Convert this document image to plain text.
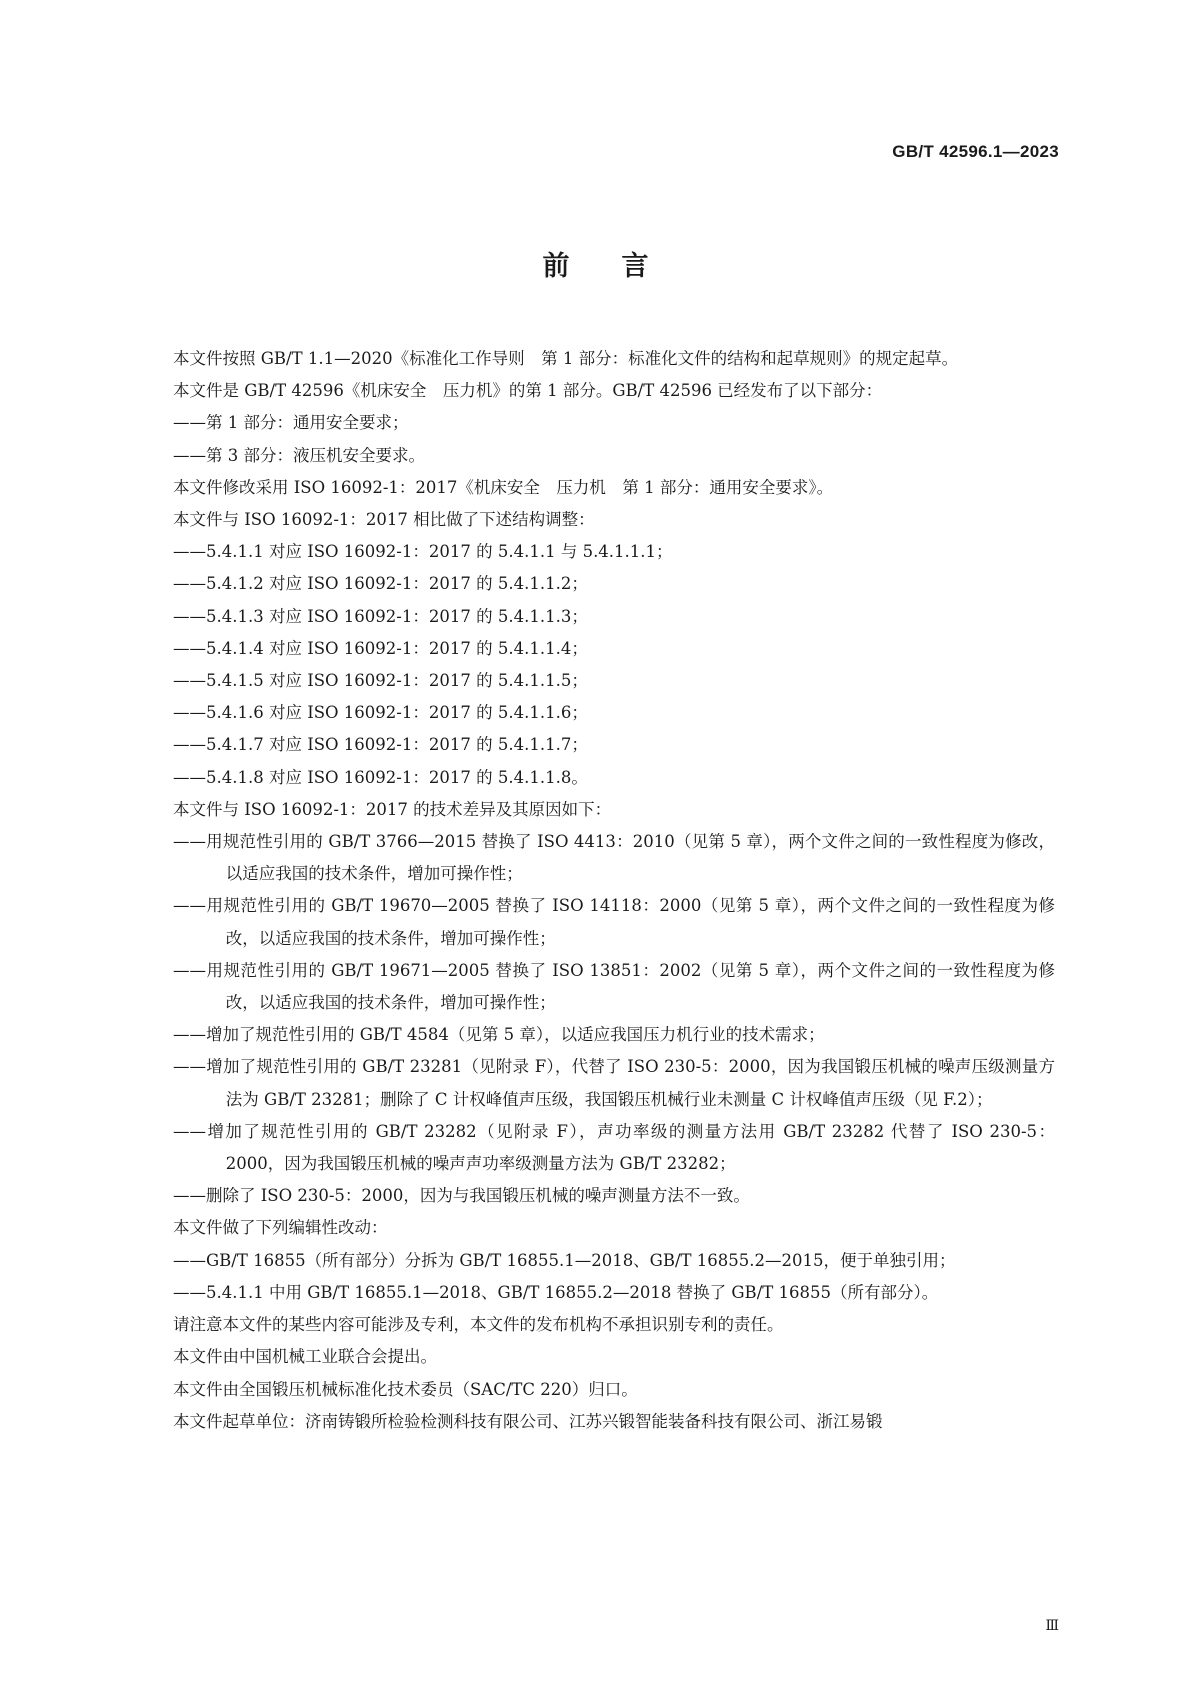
GB/T 42596.1—2023
前言

本文件按照 GB/T 1.1—2020《标准化工作导则　第 1 部分：标准化文件的结构和起草规则》的规定起草。

本文件是 GB/T 42596《机床安全　压力机》的第 1 部分。GB/T 42596 已经发布了以下部分：

——第 1 部分：通用安全要求；

——第 3 部分：液压机安全要求。

本文件修改采用 ISO 16092-1：2017《机床安全　压力机　第 1 部分：通用安全要求》。

本文件与 ISO 16092-1：2017 相比做了下述结构调整：

——5.4.1.1 对应 ISO 16092-1：2017 的 5.4.1.1 与 5.4.1.1.1；

——5.4.1.2 对应 ISO 16092-1：2017 的 5.4.1.1.2；

——5.4.1.3 对应 ISO 16092-1：2017 的 5.4.1.1.3；

——5.4.1.4 对应 ISO 16092-1：2017 的 5.4.1.1.4；

——5.4.1.5 对应 ISO 16092-1：2017 的 5.4.1.1.5；

——5.4.1.6 对应 ISO 16092-1：2017 的 5.4.1.1.6；

——5.4.1.7 对应 ISO 16092-1：2017 的 5.4.1.1.7；

——5.4.1.8 对应 ISO 16092-1：2017 的 5.4.1.1.8。

本文件与 ISO 16092-1：2017 的技术差异及其原因如下：

——用规范性引用的 GB/T 3766—2015 替换了 ISO 4413：2010（见第 5 章），两个文件之间的一致性程度为修改，以适应我国的技术条件，增加可操作性；

——用规范性引用的 GB/T 19670—2005 替换了 ISO 14118：2000（见第 5 章），两个文件之间的一致性程度为修改，以适应我国的技术条件，增加可操作性；

——用规范性引用的 GB/T 19671—2005 替换了 ISO 13851：2002（见第 5 章），两个文件之间的一致性程度为修改，以适应我国的技术条件，增加可操作性；

——增加了规范性引用的 GB/T 4584（见第 5 章），以适应我国压力机行业的技术需求；

——增加了规范性引用的 GB/T 23281（见附录 F），代替了 ISO 230-5：2000，因为我国锻压机械的噪声压级测量方法为 GB/T 23281；删除了 C 计权峰值声压级，我国锻压机械行业未测量 C 计权峰值声压级（见 F.2）；

——增加了规范性引用的 GB/T 23282（见附录 F），声功率级的测量方法用 GB/T 23282 代替了 ISO 230-5：2000，因为我国锻压机械的噪声声功率级测量方法为 GB/T 23282；

——删除了 ISO 230-5：2000，因为与我国锻压机械的噪声测量方法不一致。

本文件做了下列编辑性改动：

——GB/T 16855（所有部分）分拆为 GB/T 16855.1—2018、GB/T 16855.2—2015，便于单独引用；

——5.4.1.1 中用 GB/T 16855.1—2018、GB/T 16855.2—2018 替换了 GB/T 16855（所有部分）。

请注意本文件的某些内容可能涉及专利，本文件的发布机构不承担识别专利的责任。

本文件由中国机械工业联合会提出。

本文件由全国锻压机械标准化技术委员（SAC/TC 220）归口。

本文件起草单位：济南铸锻所检验检测科技有限公司、江苏兴锻智能装备科技有限公司、浙江易锻

Ⅲ
